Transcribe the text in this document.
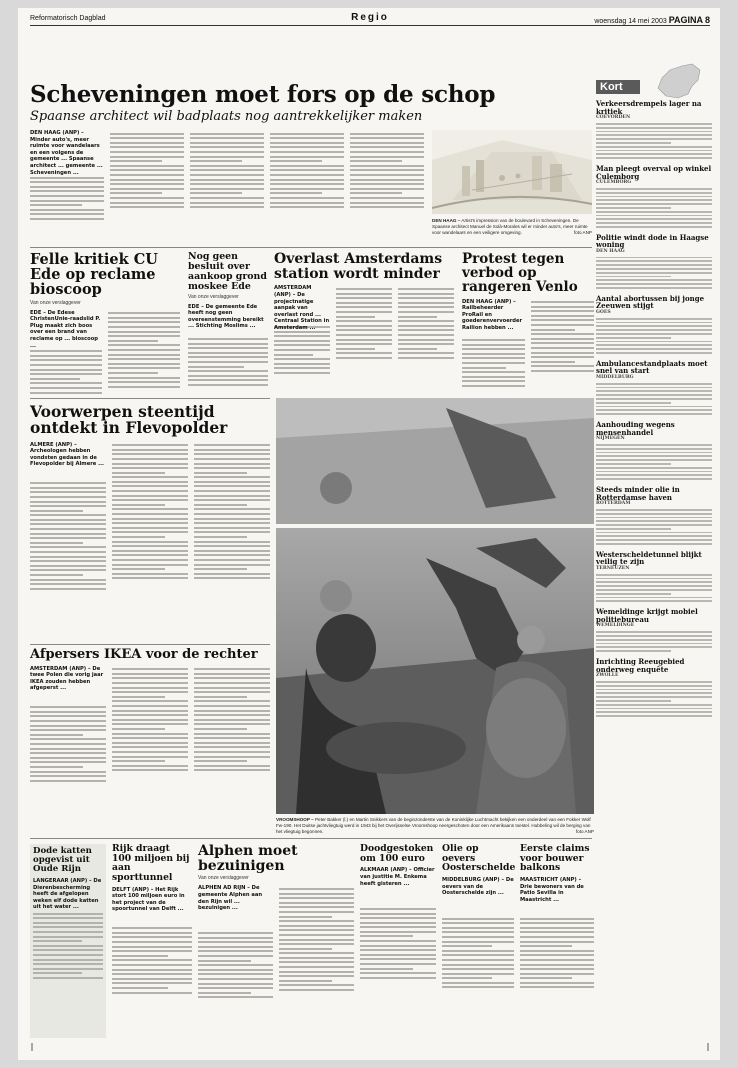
Reformatorisch Dagblad	Regio	woensdag 14 mei 2003 PAGINA 8
Scheveningen moet fors op de schop
Spaanse architect wil badplaats nog aantrekkelijker maken
DEN HAAG (ANP) – Minder auto's, meer ruimte voor wandelaars en een volgens de gemeente ... Spaanse architect ... gemeente ... Scheveningen ...
DEN HAAG – Artist's impression van de boulevard in Scheveningen. De Spaanse architect Manuel de Solà-Morales wil er minder auto's, meer ruimte voor wandelaars en een veiligere omgeving.	foto ANP
Kort
Verkeersdrempels lager na kritiek
COEVORDEN
Man pleegt overval op winkel Culemborg
CULEMBORG
Politie windt dode in Haagse woning
DEN HAAG
Aantal abortussen bij jonge Zeeuwen stijgt
GOES
Ambulancestandplaats moet snel van start
MIDDELBURG
Aanhouding wegens mensenhandel
NIJMEGEN
Steeds minder olie in Rotterdamse haven
ROTTERDAM
Westerscheldetunnel blijkt veilig te zijn
TERNEUZEN
Wemeldinge krijgt mobiel politiebureau
WEMELDINGE
Inrichting Reeugebied onderweg enquête
ZWOLLE
Felle kritiek CU Ede op reclame bioscoop
Van onze verslaggever
EDE – De Edese ChristenUnie-raadslid P. Plug maakt zich boos over een brand van reclame op ... bioscoop ...
Nog geen besluit over aankoop grond moskee Ede
Van onze verslaggever
EDE – De gemeente Ede heeft nog geen overeenstemming bereikt ... Stichting Moslims ...
Overlast Amsterdams station wordt minder
AMSTERDAM (ANP) – De projectnatige aanpak van overlast rond ... Centraal Station in Amsterdam ...
Protest tegen verbod op rangeren Venlo
DEN HAAG (ANP) – Railbeheerder ProRail en goederenvervoerder Railion hebben ...
Voorwerpen steentijd ontdekt in Flevopolder
ALMERE (ANP) – Archeologen hebben vondsten gedaan in de Flevopolder bij Almere ...
VROOMSHOOP – Peter Bakker (l.) en Martin Snikkers van de beginzonderste van de Koninklijke Luchtmacht bekijken een onderdeel van een Fokker Wolf Fw-190. Het Duitse jachtvliegtuig werd in 1943 bij het Overijsselse Vroomshoop neergeschoten door een Amerikaans toestel. Hubbeling wil de berging van het vliegtuig begonnen.	foto ANP
Afpersers IKEA voor de rechter
AMSTERDAM (ANP) – De twee Polen die vorig jaar IKEA zouden hebben afgeperst ...
Dode katten opgevist uit Oude Rijn
LANGERAAR (ANP) – De Dierenbescherming heeft de afgelopen weken elf dode katten uit het water ...
Rijk draagt 100 miljoen bij aan sporttunnel
DELFT (ANP) – Het Rijk stort 100 miljoen euro in het project van de spoortunnel van Delft ...
Alphen moet bezuinigen
Van onze verslaggever
ALPHEN AD RIJN – De gemeente Alphen aan den Rijn wil ... bezuinigen ...
Doodgestoken om 100 euro
ALKMAAR (ANP) – Officier van justitie M. Enkema heeft gisteren ...
Olie op oevers Oosterschelde
MIDDELBURG (ANP) – De oevers van de Oosterschelde zijn ...
Eerste claims voor bouwer balkons
MAASTRICHT (ANP) – Drie bewoners van de Patio Sevilla in Maastricht ...
